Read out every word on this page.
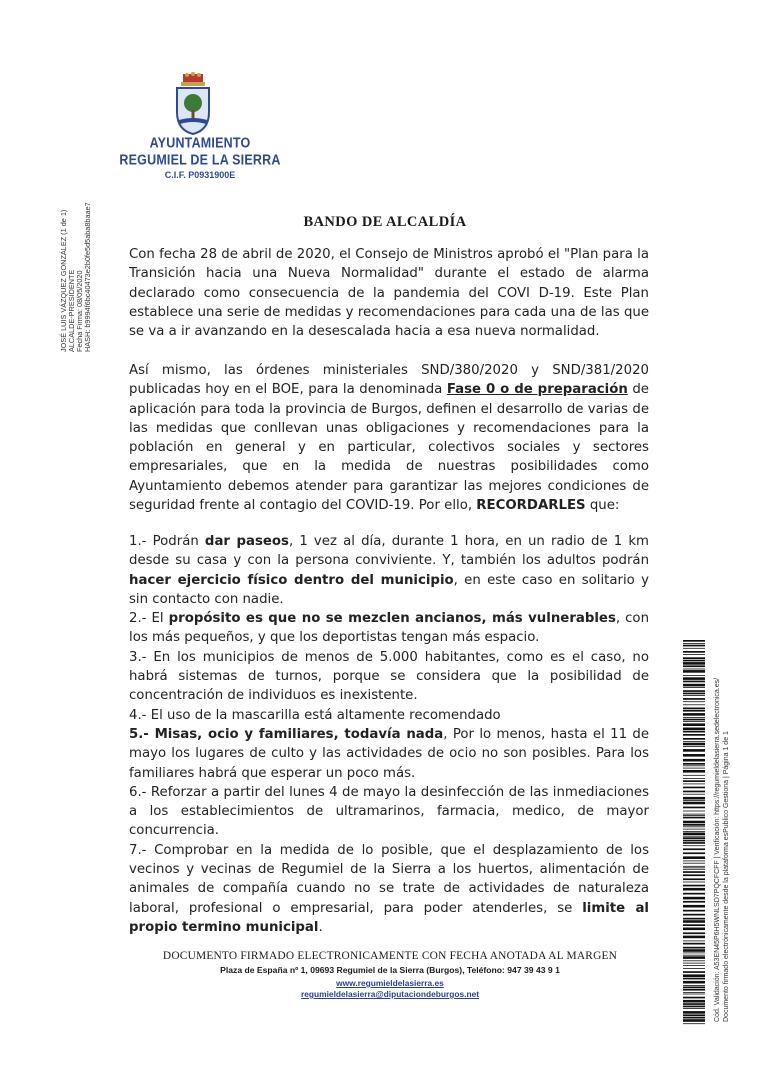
AYUNTAMIENTO
REGUMIEL DE LA SIERRA
C.I.F. P0931900E
JOSÉ LUIS VÁZQUEZ GONZÁLEZ (1 de 1) ALCALDE-PRESIDENTE Fecha Firma: 08/05/2020 HASH: b9994f6bc40473e2b0fe5d5aba8baae7	BANDO DE ALCALDÍA

Con fecha 28 de abril de 2020, el Consejo de Ministros aprobó el "Plan para la Transición hacia una Nueva Normalidad" durante el estado de alarma declarado como consecuencia de la pandemia del COVI D-19. Este Plan establece una serie de medidas y recomendaciones para cada una de las que se va a ir avanzando en la desescalada hacia a esa nueva normalidad.

Así mismo, las órdenes ministeriales SND/380/2020 y SND/381/2020 publicadas hoy en el BOE, para la denominada Fase 0 o de preparación de aplicación para toda la provincia de Burgos, definen el desarrollo de varias de las medidas que conllevan unas obligaciones y recomendaciones para la población en general y en particular, colectivos sociales y sectores empresariales, que en la medida de nuestras posibilidades como Ayuntamiento debemos atender para garantizar las mejores condiciones de seguridad frente al contagio del COVID-19. Por ello, RECORDARLES que:

1.- Podrán dar paseos, 1 vez al día, durante 1 hora, en un radio de 1 km desde su casa y con la persona conviviente. Y, también los adultos podrán hacer ejercicio físico dentro del municipio, en este caso en solitario y sin contacto con nadie.

2.- El propósito es que no se mezclen ancianos, más vulnerables, con los más pequeños, y que los deportistas tengan más espacio.

3.- En los municipios de menos de 5.000 habitantes, como es el caso, no habrá sistemas de turnos, porque se considera que la posibilidad de concentración de individuos es inexistente.

4.- El uso de la mascarilla está altamente recomendado

5.- Misas, ocio y familiares, todavía nada, Por lo menos, hasta el 11 de mayo los lugares de culto y las actividades de ocio no son posibles. Para los familiares habrá que esperar un poco más.

6.- Reforzar a partir del lunes 4 de mayo la desinfección de las inmediaciones a los establecimientos de ultramarinos, farmacia, medico, de mayor concurrencia.

7.- Comprobar en la medida de lo posible, que el desplazamiento de los vecinos y vecinas de Regumiel de la Sierra a los huertos, alimentación de animales de compañía cuando no se trate de actividades de naturaleza laboral, profesional o empresarial, para poder atenderles, se limite al propio termino municipal.

DOCUMENTO FIRMADO ELECTRONICAMENTE CON FECHA ANOTADA AL MARGEN
Plaza de España nº 1, 09693 Regumiel de la Sierra (Burgos), Teléfono: 947 39 43 9 1
www.regumieldelasierra.es
regumieldelasierra@diputaciondeburgos.net	Cód. Validación: A53EN45P6H5WNLSD7PQCFCFF | Verificación: https://regumieldelasierra.sedelectronica.es/ Documento firmado electrónicamente desde la plataforma esPublico Gestiona | Página 1 de 1
